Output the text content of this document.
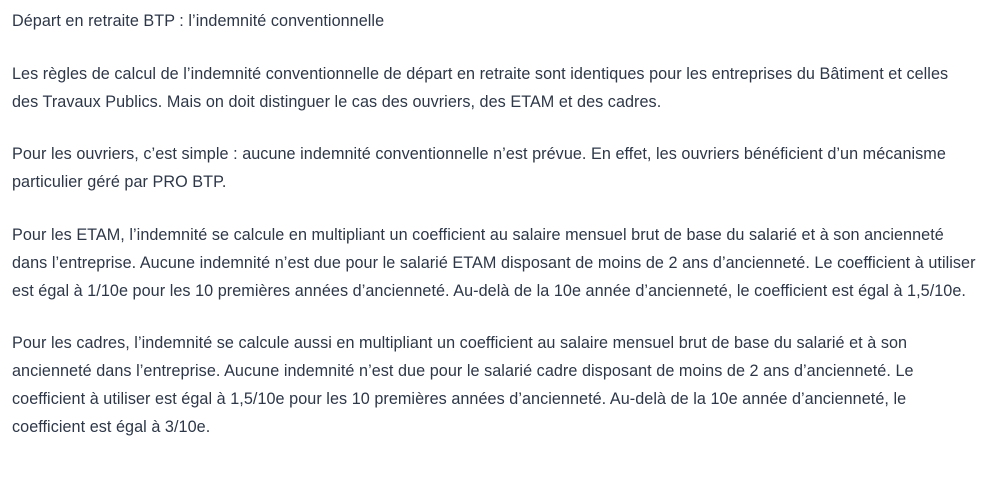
Départ en retraite BTP : l’indemnité conventionnelle

Les règles de calcul de l’indemnité conventionnelle de départ en retraite sont identiques pour les entreprises du Bâtiment et celles des Travaux Publics. Mais on doit distinguer le cas des ouvriers, des ETAM et des cadres.

Pour les ouvriers, c’est simple : aucune indemnité conventionnelle n’est prévue. En effet, les ouvriers bénéficient d’un mécanisme particulier géré par PRO BTP.

Pour les ETAM, l’indemnité se calcule en multipliant un coefficient au salaire mensuel brut de base du salarié et à son ancienneté dans l’entreprise. Aucune indemnité n’est due pour le salarié ETAM disposant de moins de 2 ans d’ancienneté. Le coefficient à utiliser est égal à 1/10e pour les 10 premières années d’ancienneté. Au-delà de la 10e année d’ancienneté, le coefficient est égal à 1,5/10e.

Pour les cadres, l’indemnité se calcule aussi en multipliant un coefficient au salaire mensuel brut de base du salarié et à son ancienneté dans l’entreprise. Aucune indemnité n’est due pour le salarié cadre disposant de moins de 2 ans d’ancienneté. Le coefficient à utiliser est égal à 1,5/10e pour les 10 premières années d’ancienneté. Au-delà de la 10e année d’ancienneté, le coefficient est égal à 3/10e.
